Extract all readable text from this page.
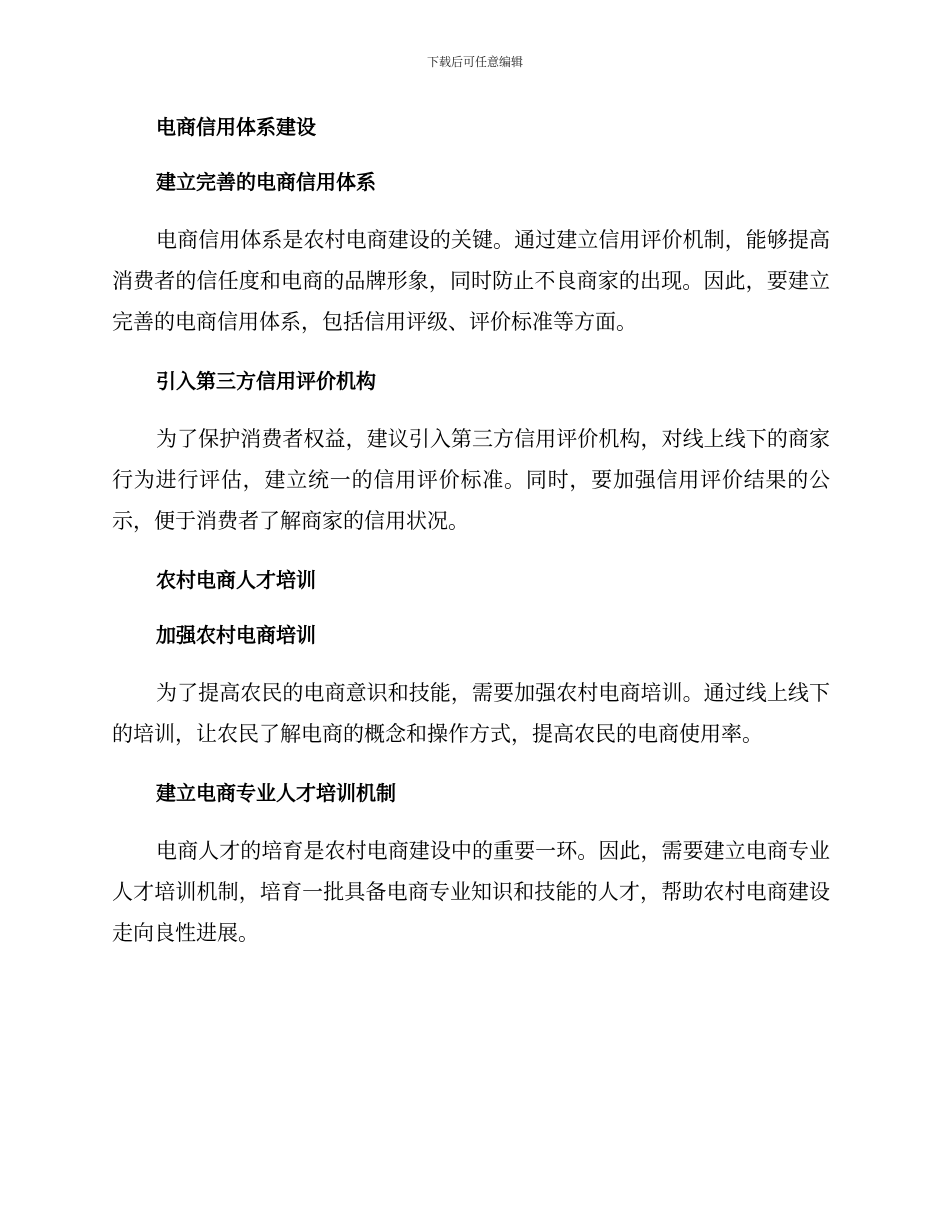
下载后可任意编辑
电商信用体系建设
建立完善的电商信用体系

电商信用体系是农村电商建设的关键。通过建立信用评价机制，能够提高消费者的信任度和电商的品牌形象，同时防止不良商家的出现。因此，要建立完善的电商信用体系，包括信用评级、评价标准等方面。

引入第三方信用评价机构

为了保护消费者权益，建议引入第三方信用评价机构，对线上线下的商家行为进行评估，建立统一的信用评价标准。同时，要加强信用评价结果的公示，便于消费者了解商家的信用状况。

农村电商人才培训
加强农村电商培训

为了提高农民的电商意识和技能，需要加强农村电商培训。通过线上线下的培训，让农民了解电商的概念和操作方式，提高农民的电商使用率。

建立电商专业人才培训机制

电商人才的培育是农村电商建设中的重要一环。因此，需要建立电商专业人才培训机制，培育一批具备电商专业知识和技能的人才，帮助农村电商建设走向良性进展。
